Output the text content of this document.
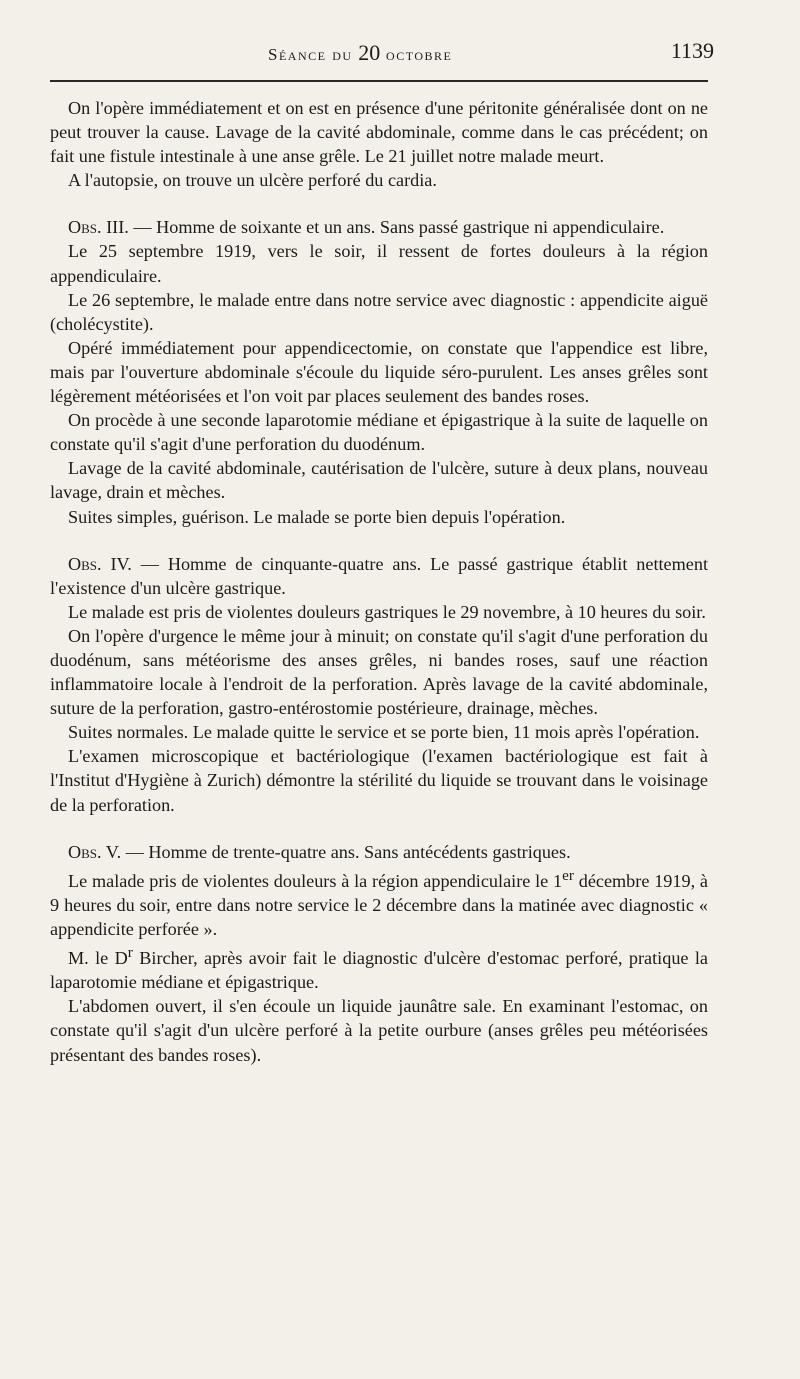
Séance du 20 octobre	1139

On l'opère immédiatement et on est en présence d'une péritonite généralisée dont on ne peut trouver la cause. Lavage de la cavité abdominale, comme dans le cas précédent; on fait une fistule intestinale à une anse grêle. Le 21 juillet notre malade meurt.

A l'autopsie, on trouve un ulcère perforé du cardia.

Obs. III. — Homme de soixante et un ans. Sans passé gastrique ni appendiculaire.

Le 25 septembre 1919, vers le soir, il ressent de fortes douleurs à la région appendiculaire.

Le 26 septembre, le malade entre dans notre service avec diagnostic : appendicite aiguë (cholécystite).

Opéré immédiatement pour appendicectomie, on constate que l'appendice est libre, mais par l'ouverture abdominale s'écoule du liquide séro-purulent. Les anses grêles sont légèrement météorisées et l'on voit par places seulement des bandes roses.

On procède à une seconde laparotomie médiane et épigastrique à la suite de laquelle on constate qu'il s'agit d'une perforation du duodénum.

Lavage de la cavité abdominale, cautérisation de l'ulcère, suture à deux plans, nouveau lavage, drain et mèches.

Suites simples, guérison. Le malade se porte bien depuis l'opération.

Obs. IV. — Homme de cinquante-quatre ans. Le passé gastrique établit nettement l'existence d'un ulcère gastrique.

Le malade est pris de violentes douleurs gastriques le 29 novembre, à 10 heures du soir.

On l'opère d'urgence le même jour à minuit; on constate qu'il s'agit d'une perforation du duodénum, sans météorisme des anses grêles, ni bandes roses, sauf une réaction inflammatoire locale à l'endroit de la perforation. Après lavage de la cavité abdominale, suture de la perforation, gastro-entérostomie postérieure, drainage, mèches.

Suites normales. Le malade quitte le service et se porte bien, 11 mois après l'opération.

L'examen microscopique et bactériologique (l'examen bactériologique est fait à l'Institut d'Hygiène à Zurich) démontre la stérilité du liquide se trouvant dans le voisinage de la perforation.

Obs. V. — Homme de trente-quatre ans. Sans antécédents gastriques.

Le malade pris de violentes douleurs à la région appendiculaire le 1er décembre 1919, à 9 heures du soir, entre dans notre service le 2 décembre dans la matinée avec diagnostic « appendicite perforée ».

M. le $D^r$ Bircher, après avoir fait le diagnostic d'ulcère d'estomac perforé, pratique la laparotomie médiane et épigastrique.

L'abdomen ouvert, il s'en écoule un liquide jaunâtre sale. En examinant l'estomac, on constate qu'il s'agit d'un ulcère perforé à la petite ourbure (anses grêles peu météorisées présentant des bandes roses).
